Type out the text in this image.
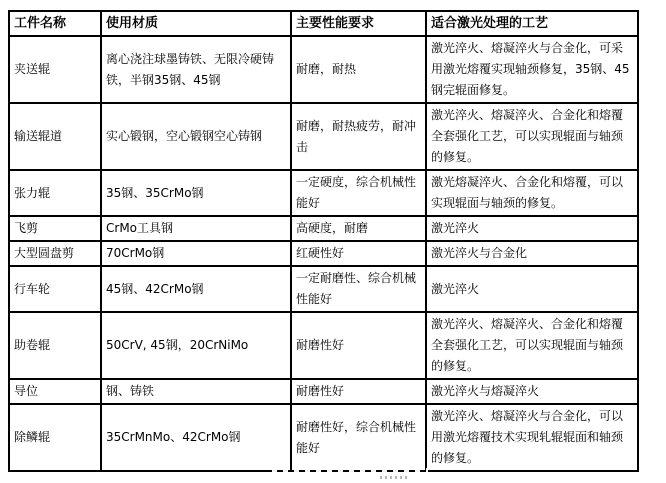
工件名称	使用材质	主要性能要求	适合激光处理的工艺
夹送辊	离心浇注球墨铸铁、无限冷硬铸铁，半钢35钢、45钢	耐磨，耐热	激光淬火、熔凝淬火与合金化，可采用激光熔覆实现轴颈修复，35钢、45钢完辊面修复。
输送辊道	实心锻钢，空心锻钢空心铸钢	耐磨，耐热疲劳，耐冲击	激光淬火、熔凝淬火、合金化和熔覆全套强化工艺，可以实现辊面与轴颈的修复。
张力辊	35钢、35CrMo钢	一定硬度，综合机械性能好	激光熔凝淬火、合金化和熔覆，可以实现辊面与轴颈的修复。
飞剪	CrMo工具钢	高硬度，耐磨	激光淬火
大型圆盘剪	70CrMo钢	红硬性好	激光淬火与合金化
行车轮	45钢、42CrMo钢	一定耐磨性、综合机械性能好	激光淬火
助卷辊	50CrV, 45钢，20CrNiMo	耐磨性好	激光淬火、熔凝淬火、合金化和熔覆全套强化工艺，可以实现辊面与轴颈的修复。
导位	钢、铸铁	耐磨性好	激光淬火与熔凝淬火
除鳞辊	35CrMnMo、42CrMo钢	耐磨性好，综合机械性能好	激光淬火、熔凝淬火与合金化，可以用激光熔覆技术实现轧辊辊面和轴颈的修复。
